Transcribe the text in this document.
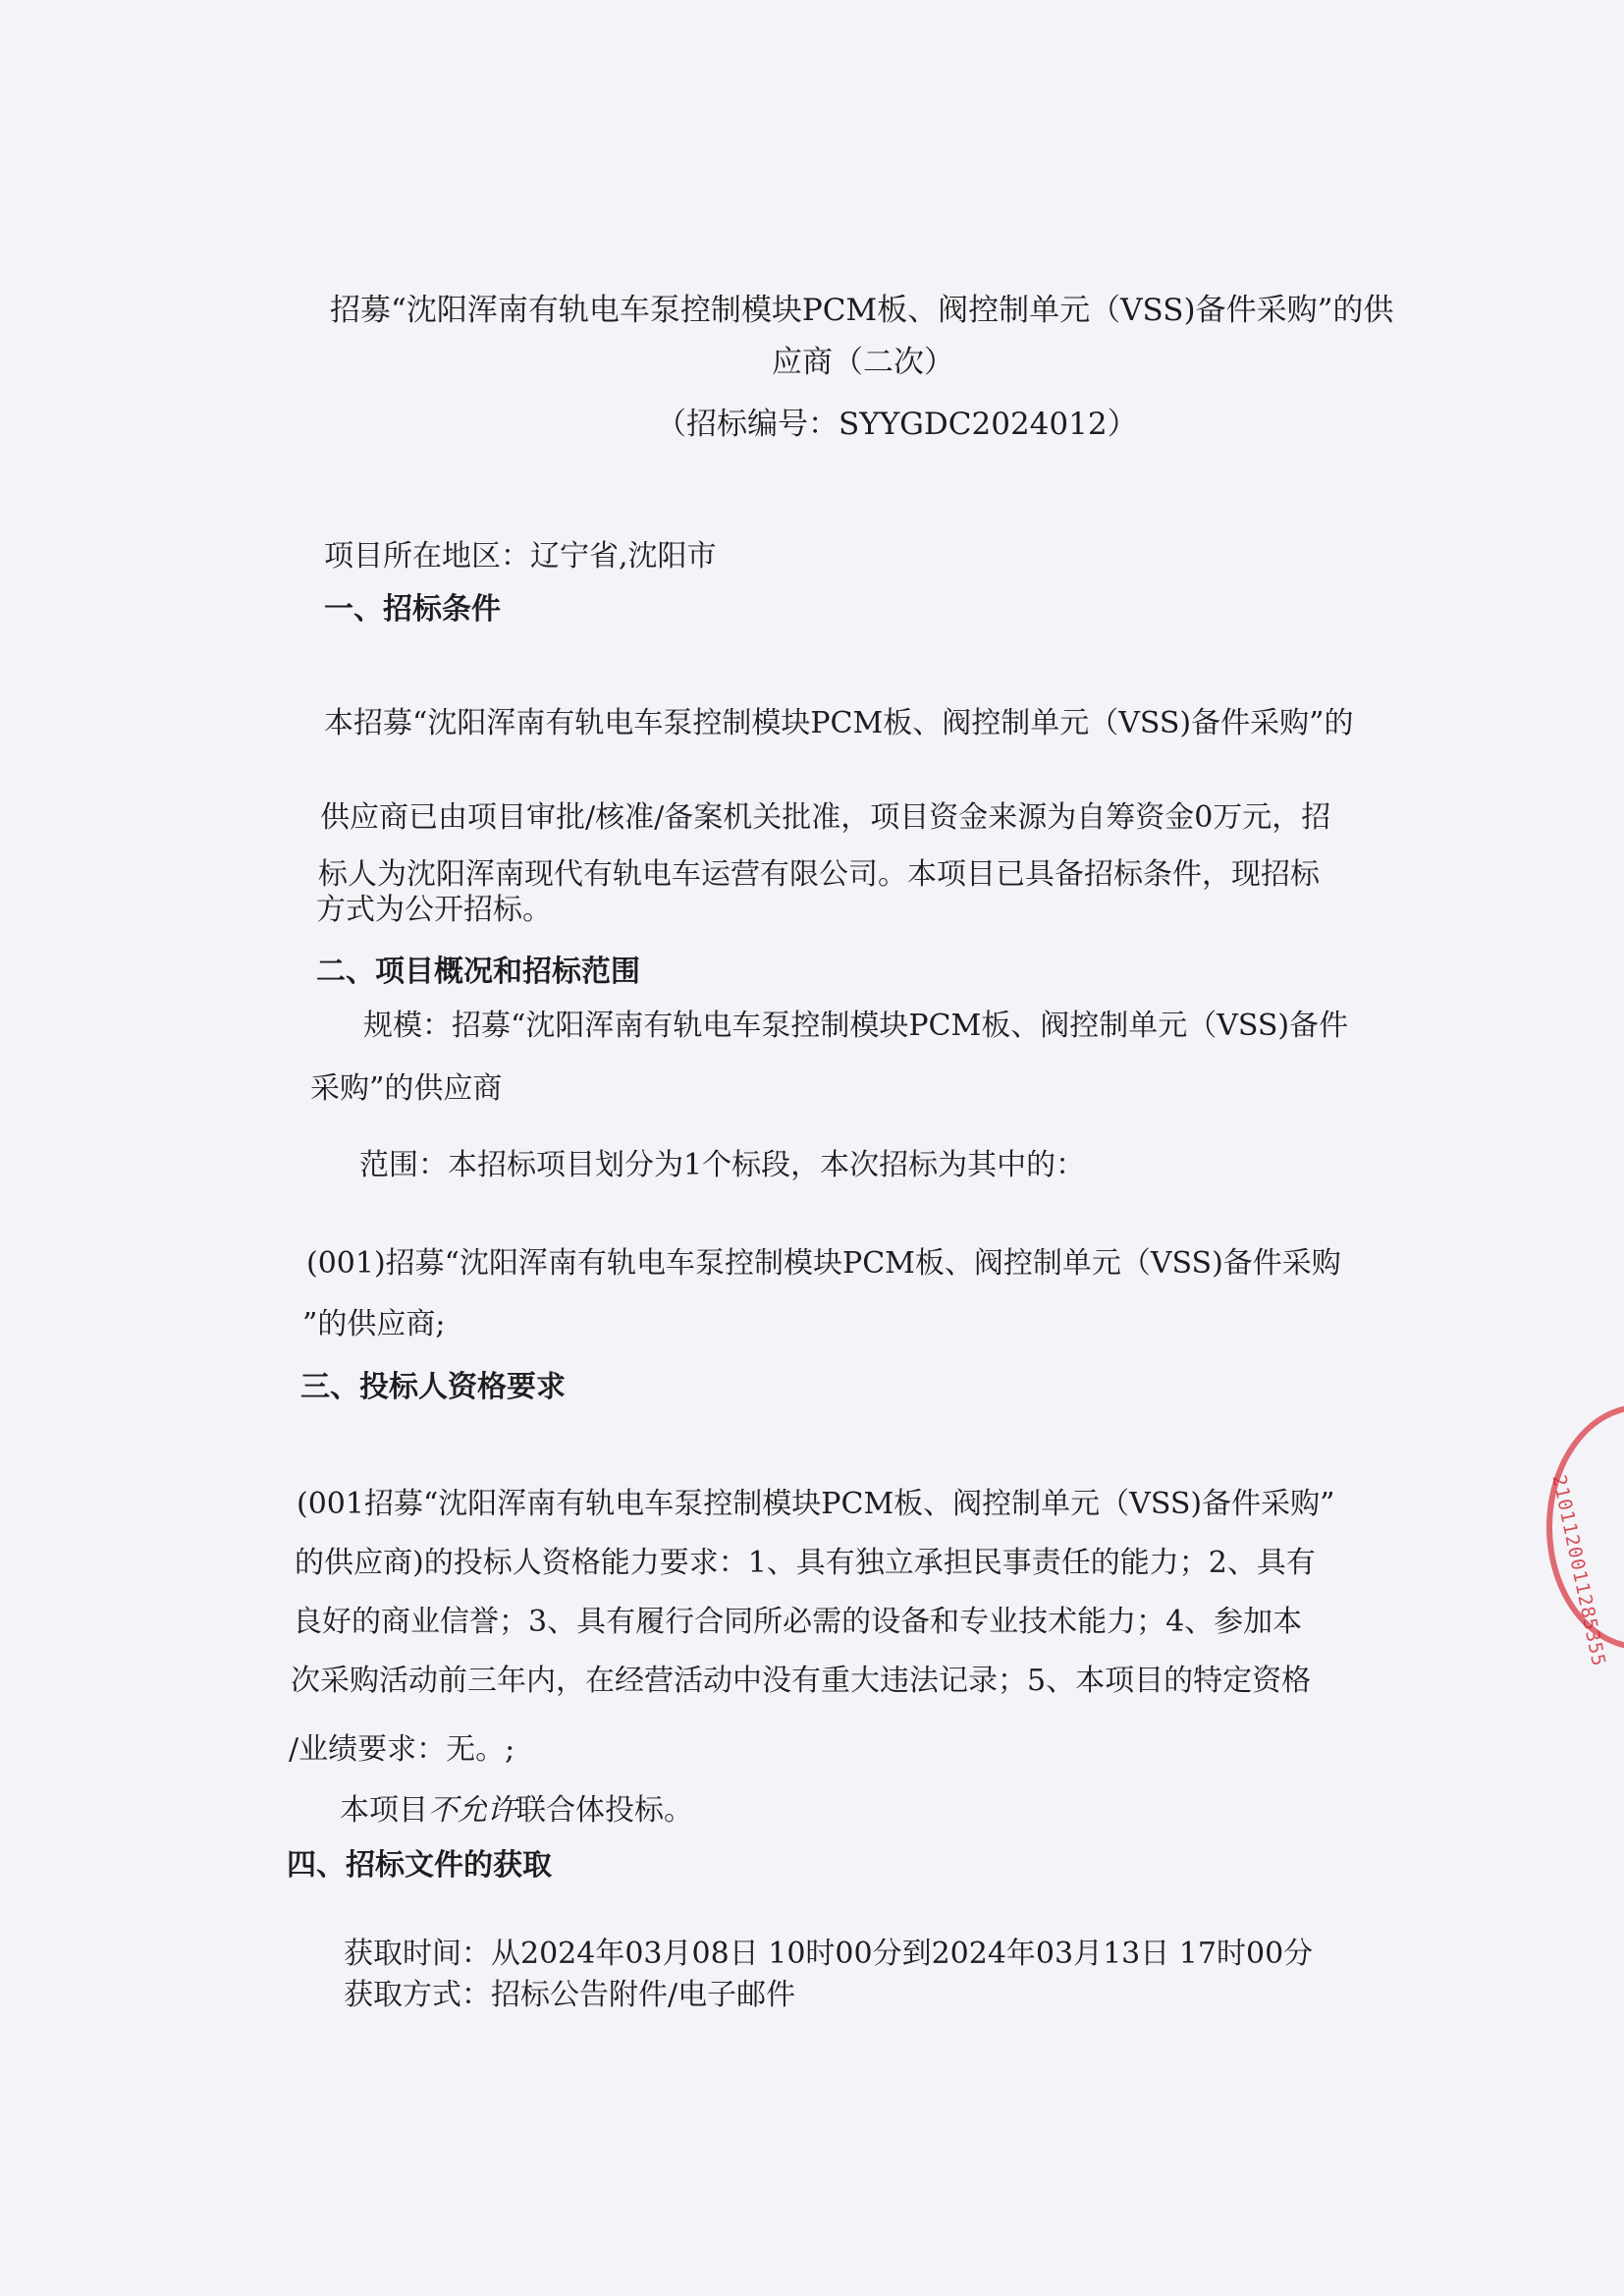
招募“沈阳浑南有轨电车泵控制模块PCM板、阀控制单元（VSS)备件采购”的供
应商（二次）
（招标编号：SYYGDC2024012）
项目所在地区：辽宁省,沈阳市
一、招标条件
本招募“沈阳浑南有轨电车泵控制模块PCM板、阀控制单元（VSS)备件采购”的
供应商已由项目审批/核准/备案机关批准，项目资金来源为自筹资金0万元，招
标人为沈阳浑南现代有轨电车运营有限公司。本项目已具备招标条件，现招标
方式为公开招标。
二、项目概况和招标范围
规模：招募“沈阳浑南有轨电车泵控制模块PCM板、阀控制单元（VSS)备件
采购”的供应商
范围：本招标项目划分为1个标段，本次招标为其中的：
(001)招募“沈阳浑南有轨电车泵控制模块PCM板、阀控制单元（VSS)备件采购
”的供应商;
三、投标人资格要求
(001招募“沈阳浑南有轨电车泵控制模块PCM板、阀控制单元（VSS)备件采购”
的供应商)的投标人资格能力要求：1、具有独立承担民事责任的能力；2、具有
良好的商业信誉；3、具有履行合同所必需的设备和专业技术能力；4、参加本
次采购活动前三年内，在经营活动中没有重大违法记录；5、本项目的特定资格
/业绩要求：无。;
本项目不允许联合体投标。
四、招标文件的获取
获取时间：从2024年03月08日 10时00分到2024年03月13日 17时00分
获取方式：招标公告附件/电子邮件
2101120011285355
